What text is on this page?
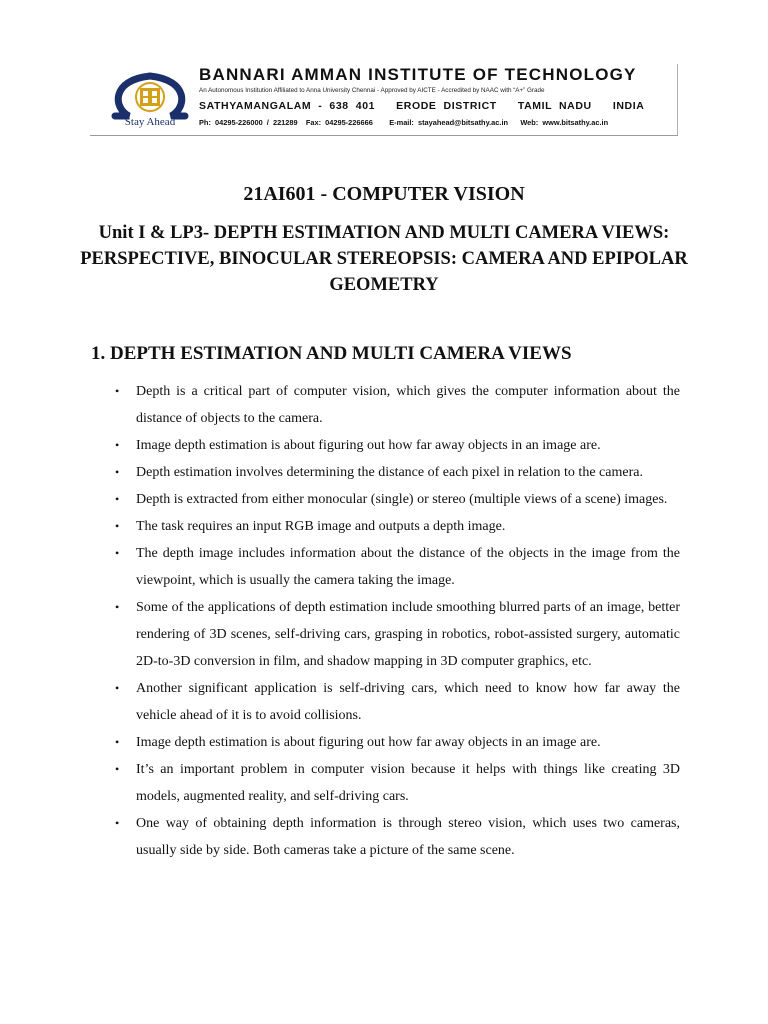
Stay Ahead
BANNARI AMMAN INSTITUTE OF TECHNOLOGY
An Autonomous Institution Affiliated to Anna University Chennai - Approved by AICTE - Accredited by NAAC with “A+” Grade
SATHYAMANGALAM  -  638  401      ERODE  DISTRICT      TAMIL  NADU      INDIA
Ph:  04295-226000  /  221289    Fax:  04295-226666        E-mail:  stayahead@bitsathy.ac.in      Web:  www.bitsathy.ac.in
21AI601 - COMPUTER VISION
Unit I & LP3- DEPTH ESTIMATION AND MULTI CAMERA VIEWS: PERSPECTIVE, BINOCULAR STEREOPSIS: CAMERA AND EPIPOLAR GEOMETRY
1. DEPTH ESTIMATION AND MULTI CAMERA VIEWS
• Depth is a critical part of computer vision, which gives the computer information about the distance of objects to the camera.
• Image depth estimation is about figuring out how far away objects in an image are.
• Depth estimation involves determining the distance of each pixel in relation to the camera.
• Depth is extracted from either monocular (single) or stereo (multiple views of a scene) images.
• The task requires an input RGB image and outputs a depth image.
• The depth image includes information about the distance of the objects in the image from the viewpoint, which is usually the camera taking the image.
• Some of the applications of depth estimation include smoothing blurred parts of an image, better rendering of 3D scenes, self-driving cars, grasping in robotics, robot-assisted surgery, automatic 2D-to-3D conversion in film, and shadow mapping in 3D computer graphics, etc.
• Another significant application is self-driving cars, which need to know how far away the vehicle ahead of it is to avoid collisions.
• Image depth estimation is about figuring out how far away objects in an image are.
• It’s an important problem in computer vision because it helps with things like creating 3D models, augmented reality, and self-driving cars.
• One way of obtaining depth information is through stereo vision, which uses two cameras, usually side by side. Both cameras take a picture of the same scene.
